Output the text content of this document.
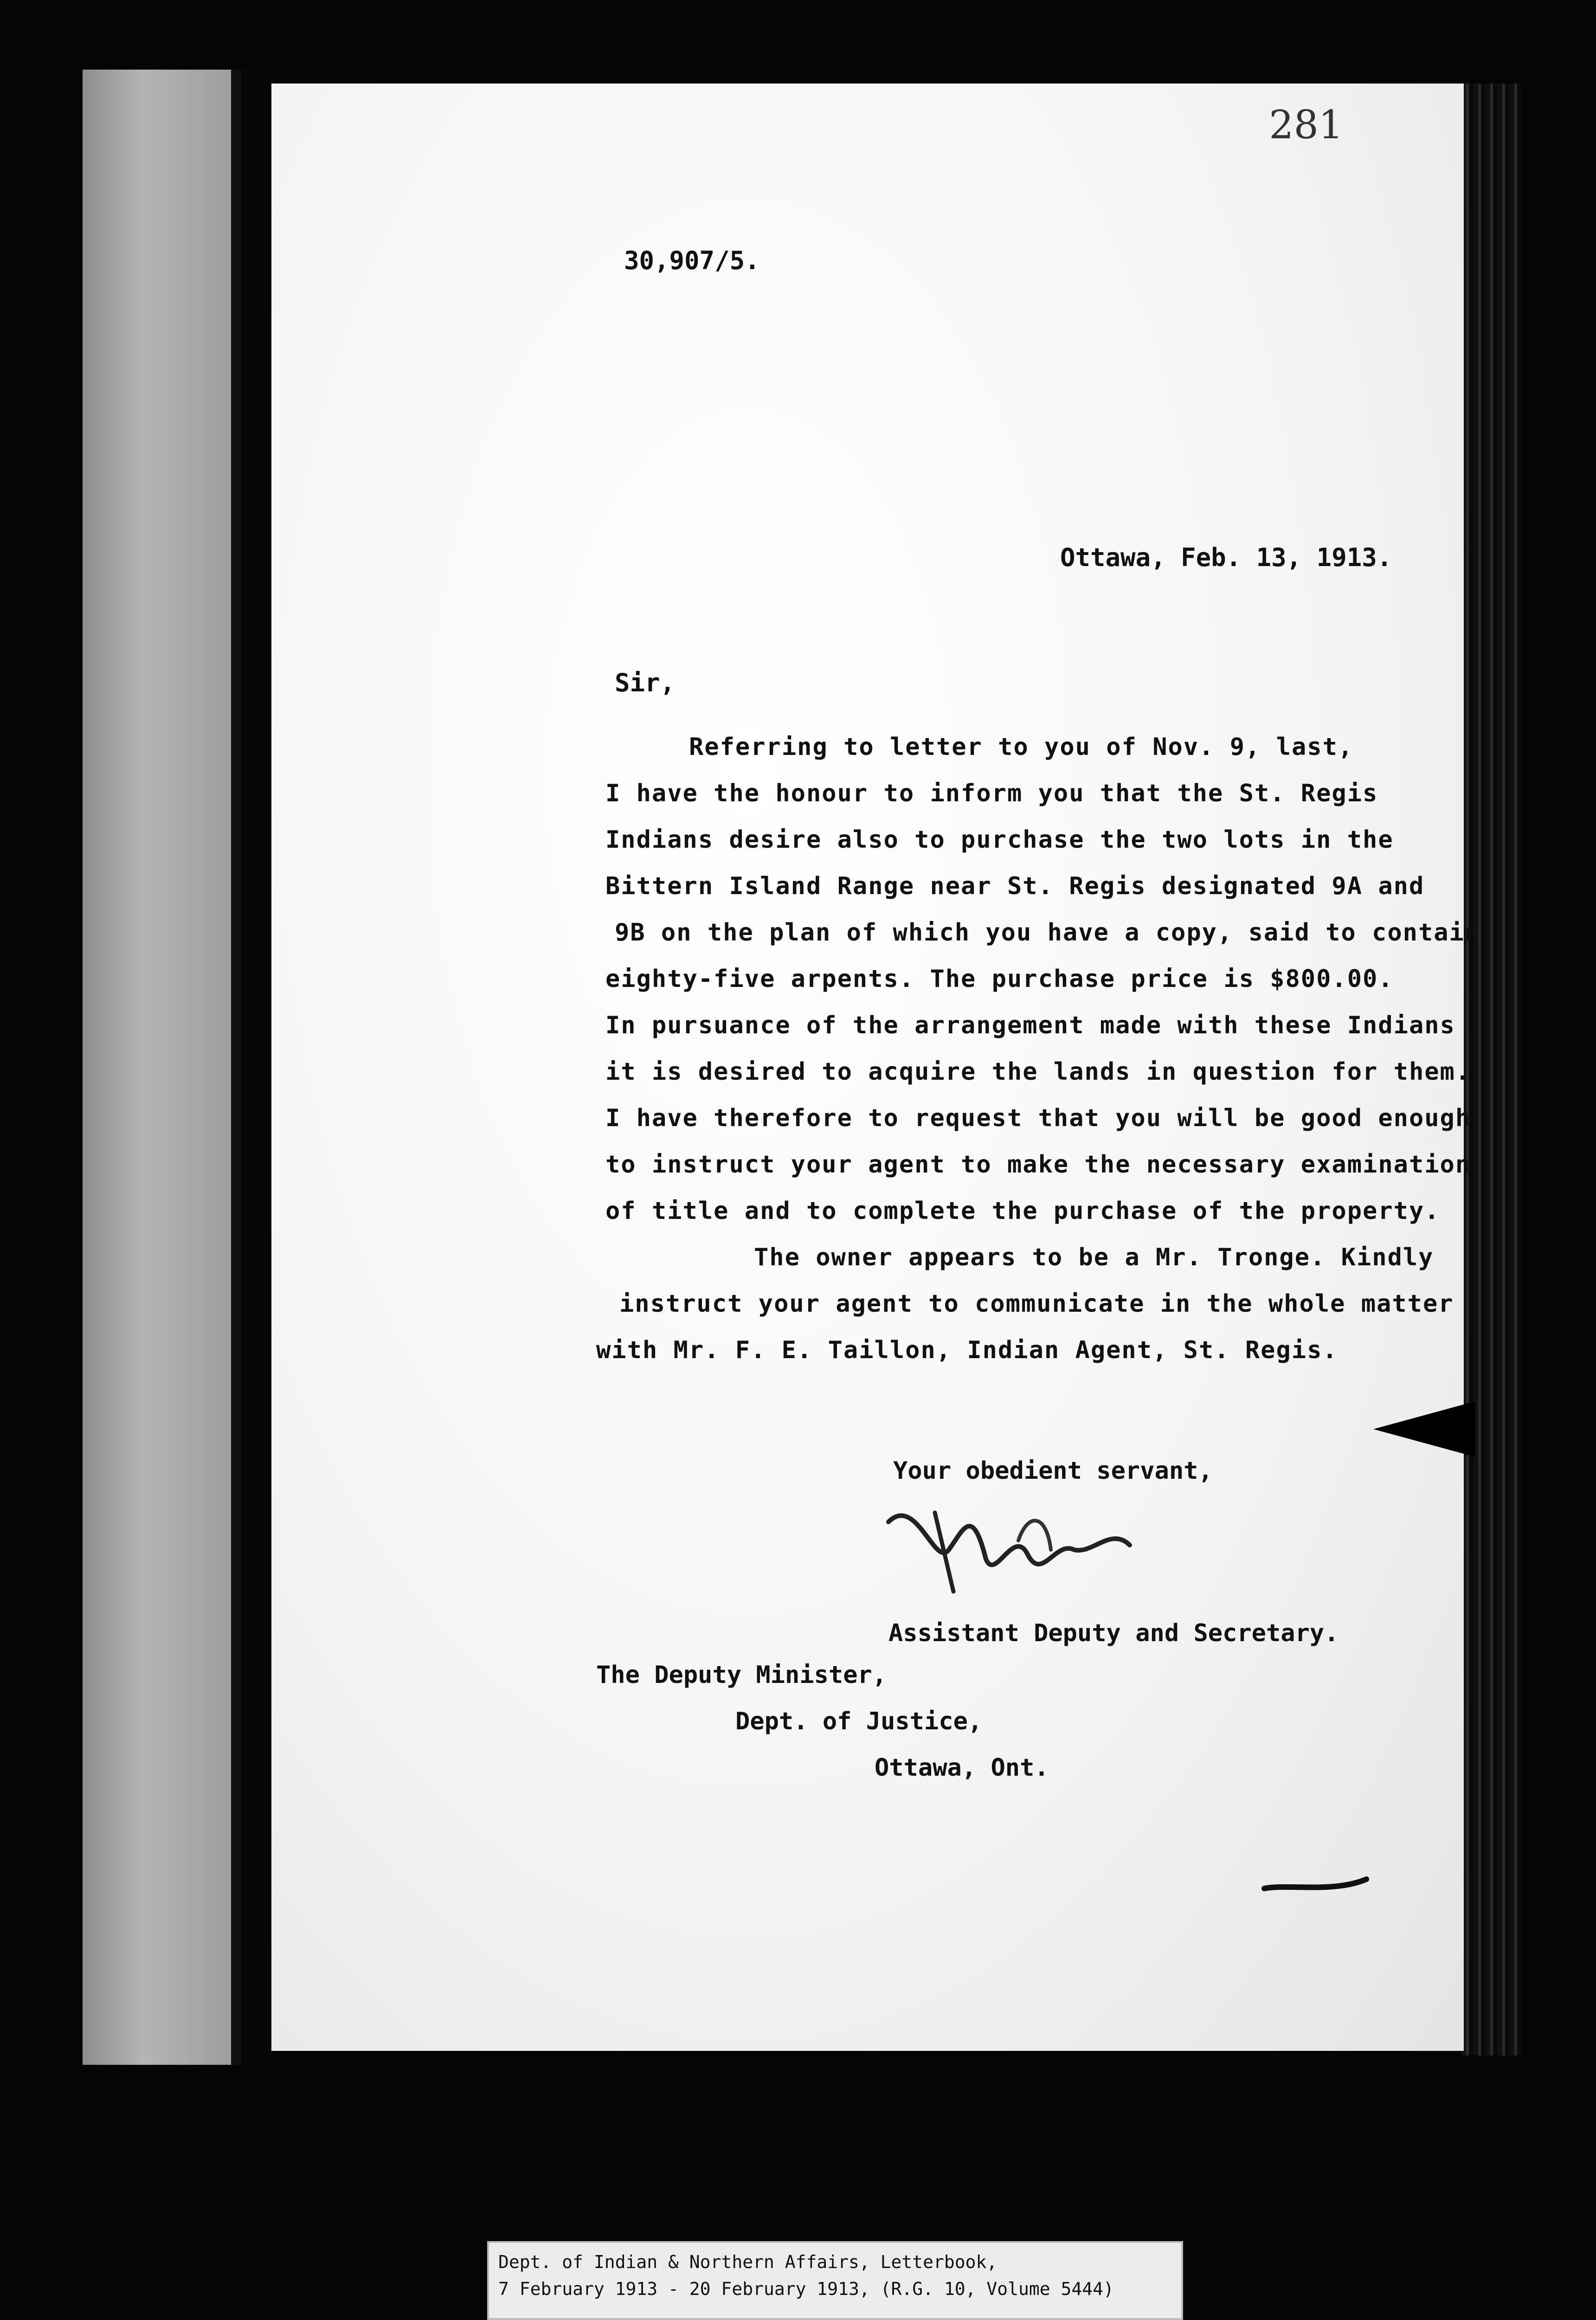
281
30,907/5.
Ottawa, Feb. 13, 1913.
Sir,
Referring to letter to you of Nov. 9, last,
I have the honour to inform you that the St. Regis
Indians desire also to purchase the two lots in the
Bittern Island Range near St. Regis designated 9A and
9B on the plan of which you have a copy, said to contain
eighty-five arpents. The purchase price is $800.00.
In pursuance of the arrangement made with these Indians
it is desired to acquire the lands in question for them.
I have therefore to request that you will be good enough
to instruct your agent to make the necessary examination
of title and to complete the purchase of the property.
The owner appears to be a Mr. Tronge. Kindly
instruct your agent to communicate in the whole matter
with Mr. F. E. Taillon, Indian Agent, St. Regis.
Your obedient servant,
Assistant Deputy and Secretary.
The Deputy Minister,
Dept. of Justice,
Ottawa, Ont.
Dept. of Indian & Northern Affairs, Letterbook,
7 February 1913 - 20 February 1913, (R.G. 10, Volume 5444)
